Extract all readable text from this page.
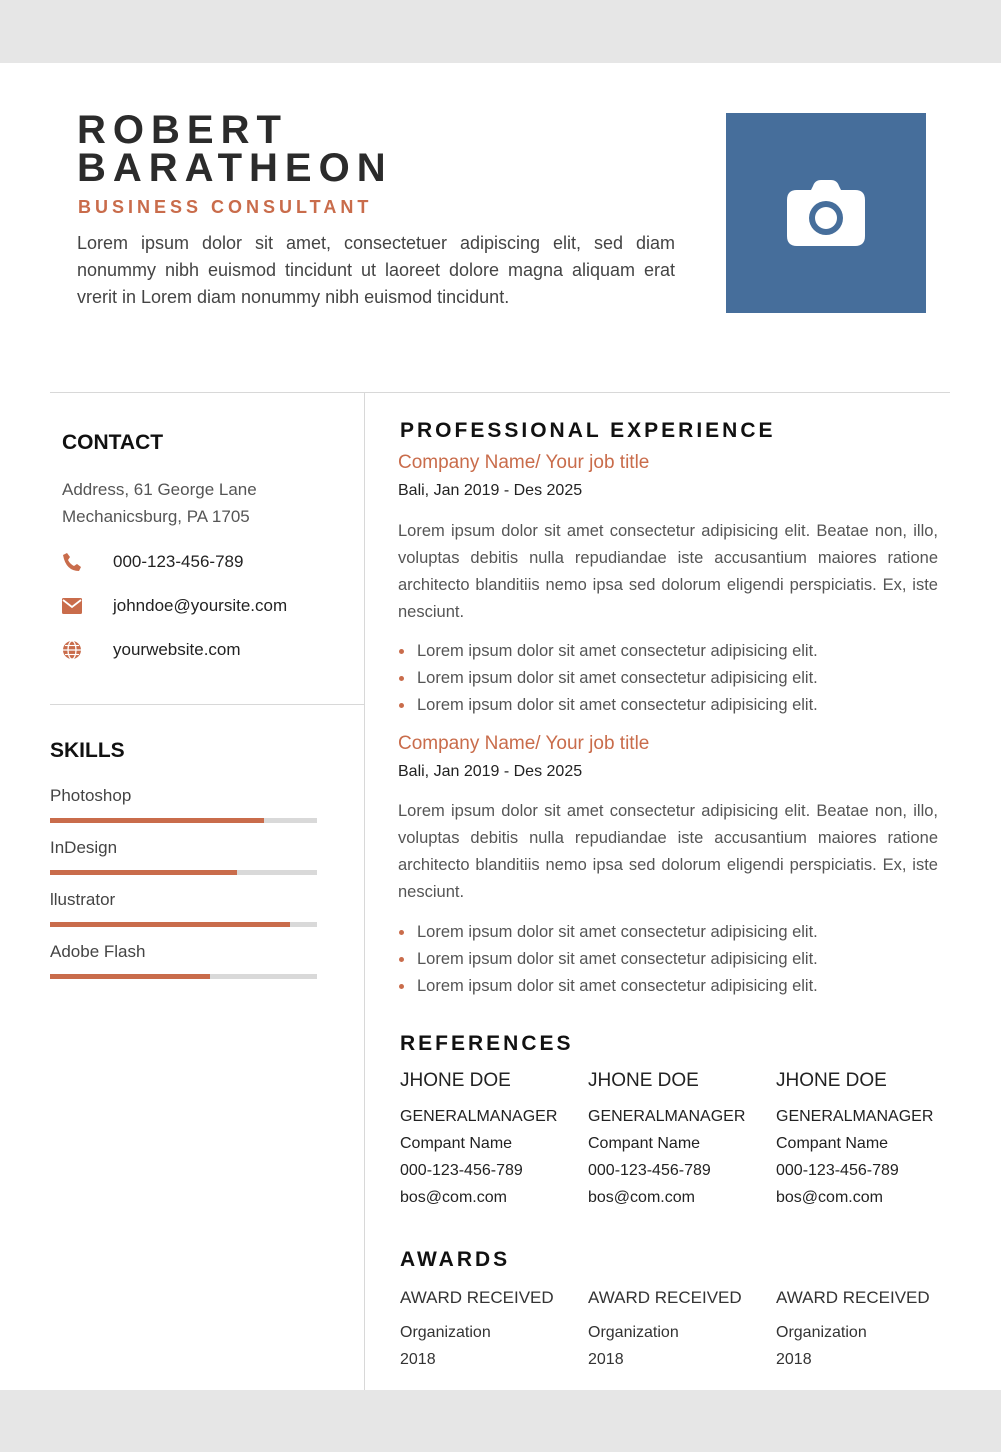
ROBERT
BARATHEON
BUSINESS CONSULTANT
Lorem ipsum dolor sit amet, consectetuer adipiscing elit, sed diam nonummy nibh euismod tincidunt ut laoreet dolore magna aliquam erat vrerit in Lorem diam nonummy nibh euismod tincidunt.
CONTACT
Address, 61 George Lane
Mechanicsburg, PA 1705
000-123-456-789
johndoe@yoursite.com
yourwebsite.com
SKILLS
PROFESSIONAL EXPERIENCE
Company Name/ Your job title
Bali, Jan 2019 - Des 2025
Lorem ipsum dolor sit amet consectetur adipisicing elit. Beatae non, illo, voluptas debitis nulla repudiandae iste accusantium maiores ratione architecto blanditiis nemo ipsa sed dolorum eligendi perspiciatis. Ex, iste nesciunt.
Lorem ipsum dolor sit amet consectetur adipisicing elit.
Lorem ipsum dolor sit amet consectetur adipisicing elit.
Lorem ipsum dolor sit amet consectetur adipisicing elit.
Company Name/ Your job title
Bali, Jan 2019 - Des 2025
Lorem ipsum dolor sit amet consectetur adipisicing elit. Beatae non, illo, voluptas debitis nulla repudiandae iste accusantium maiores ratione architecto blanditiis nemo ipsa sed dolorum eligendi perspiciatis. Ex, iste nesciunt.
Lorem ipsum dolor sit amet consectetur adipisicing elit.
Lorem ipsum dolor sit amet consectetur adipisicing elit.
Lorem ipsum dolor sit amet consectetur adipisicing elit.
REFERENCES
JHONE DOE
GENERALMANAGER
Compant Name
000-123-456-789
bos@com.com
JHONE DOE
GENERALMANAGER
Compant Name
000-123-456-789
bos@com.com
JHONE DOE
GENERALMANAGER
Compant Name
000-123-456-789
bos@com.com
AWARDS
AWARD RECEIVED
Organization
2018
AWARD RECEIVED
Organization
2018
AWARD RECEIVED
Organization
2018
Photoshop
InDesign
llustrator
Adobe Flash
